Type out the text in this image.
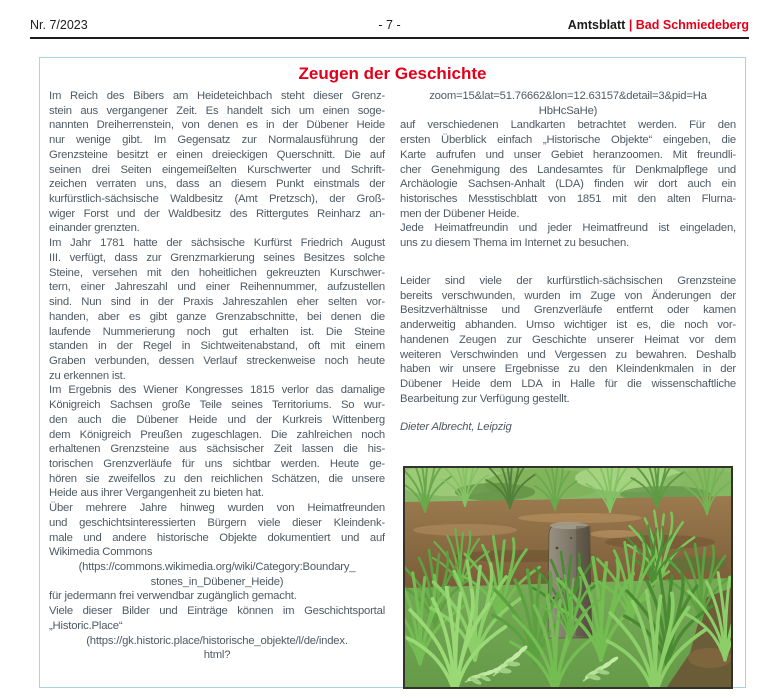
Nr. 7/2023	- 7 -	Amtsblatt | Bad Schmiedeberg
Zeugen der Geschichte
Im Reich des Bibers am Heideteichbach steht dieser Grenz-
stein aus vergangener Zeit. Es handelt sich um einen soge-
nannten Dreiherrenstein, von denen es in der Dübener Heide
nur wenige gibt. Im Gegensatz zur Normalausführung der
Grenzsteine besitzt er einen dreieckigen Querschnitt. Die auf
seinen drei Seiten eingemeißelten Kurschwerter und Schrift-
zeichen verraten uns, dass an diesem Punkt einstmals der
kurfürstlich-sächsische Waldbesitz (Amt Pretzsch), der Groß-
wiger Forst und der Waldbesitz des Rittergutes Reinharz an-
einander grenzten.
Im Jahr 1781 hatte der sächsische Kurfürst Friedrich August
III. verfügt, dass zur Grenzmarkierung seines Besitzes solche
Steine, versehen mit den hoheitlichen gekreuzten Kurschwer-
tern, einer Jahreszahl und einer Reihennummer, aufzustellen
sind. Nun sind in der Praxis Jahreszahlen eher selten vor-
handen, aber es gibt ganze Grenzabschnitte, bei denen die
laufende Nummerierung noch gut erhalten ist. Die Steine
standen in der Regel in Sichtweitenabstand, oft mit einem
Graben verbunden, dessen Verlauf streckenweise noch heute
zu erkennen ist.
Im Ergebnis des Wiener Kongresses 1815 verlor das damalige
Königreich Sachsen große Teile seines Territoriums. So wur-
den auch die Dübener Heide und der Kurkreis Wittenberg
dem Königreich Preußen zugeschlagen. Die zahlreichen noch
erhaltenen Grenzsteine aus sächsischer Zeit lassen die his-
torischen Grenzverläufe für uns sichtbar werden. Heute ge-
hören sie zweifellos zu den reichlichen Schätzen, die unsere
Heide aus ihrer Vergangenheit zu bieten hat.
Über mehrere Jahre hinweg wurden von Heimatfreunden
und geschichtsinteressierten Bürgern viele dieser Kleindenk-
male und andere historische Objekte dokumentiert und auf
Wikimedia Commons
(https://commons.wikimedia.org/wiki/Category:Boundary_
stones_in_Dübener_Heide)
für jedermann frei verwendbar zugänglich gemacht.
Viele dieser Bilder und Einträge können im Geschichtsportal
„Historic.Place“
(https://gk.historic.place/historische_objekte/l/de/index.
html?
zoom=15&lat=51.76662&lon=12.63157&detail=3&pid=Ha
HbHcSaHe)
auf verschiedenen Landkarten betrachtet werden. Für den
ersten Überblick einfach „Historische Objekte“ eingeben, die
Karte aufrufen und unser Gebiet heranzoomen. Mit freundli-
cher Genehmigung des Landesamtes für Denkmalpflege und
Archäologie Sachsen-Anhalt (LDA) finden wir dort auch ein
historisches Messtischblatt von 1851 mit den alten Flurna-
men der Dübener Heide.
Jede Heimatfreundin und jeder Heimatfreund ist eingeladen,
uns zu diesem Thema im Internet zu besuchen.
Leider sind viele der kurfürstlich-sächsischen Grenzsteine
bereits verschwunden, wurden im Zuge von Änderungen der
Besitzverhältnisse und Grenzverläufe entfernt oder kamen
anderweitig abhanden. Umso wichtiger ist es, die noch vor-
handenen Zeugen zur Geschichte unserer Heimat vor dem
weiteren Verschwinden und Vergessen zu bewahren. Deshalb
haben wir unsere Ergebnisse zu den Kleindenkmalen in der
Dübener Heide dem LDA in Halle für die wissenschaftliche
Bearbeitung zur Verfügung gestellt.
Dieter Albrecht, Leipzig
